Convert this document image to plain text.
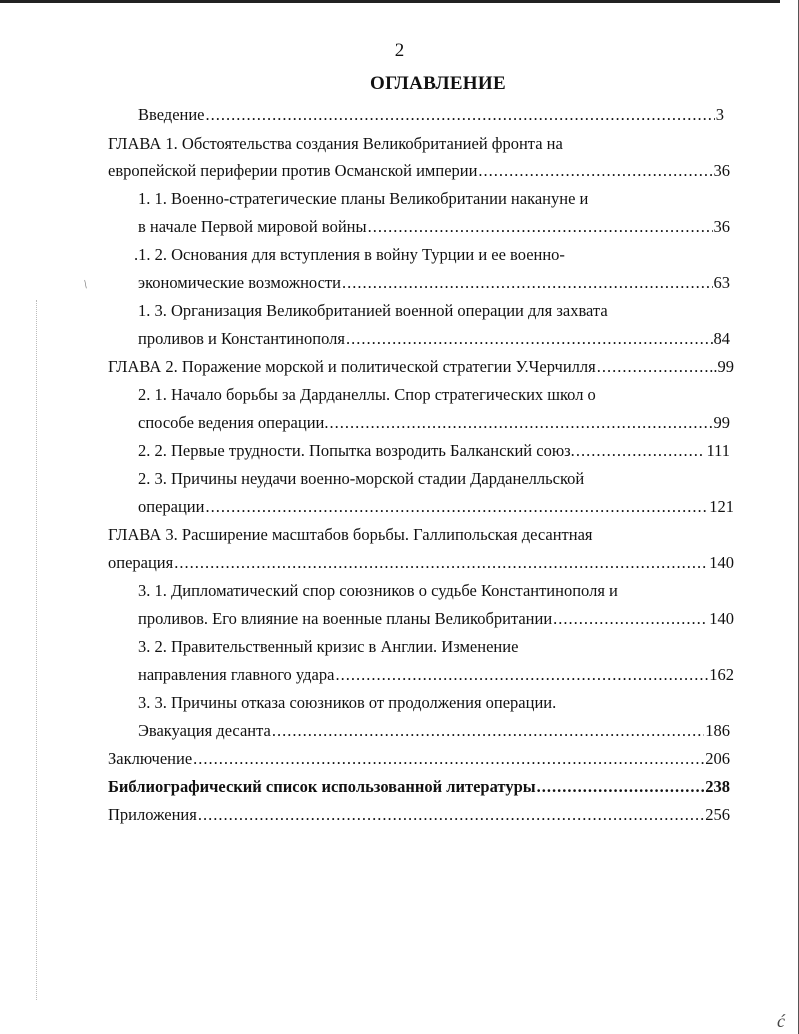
/
ć
2
ОГЛАВЛЕНИЕ
Введение .....	3
ГЛАВА 1. Обстоятельства создания Великобританией фронта на
европейской периферии против Османской империи .....	36
1. 1. Военно-стратегические планы Великобритании накануне и
в начале Первой мировой войны .....	36
.1. 2. Основания для вступления в войну Турции и ее военно-
экономические возможности .....	63
1. 3. Организация Великобританией военной операции для захвата
проливов и Константинополя .....	84
ГЛАВА 2. Поражение морской и политической стратегии У.Черчилля .....	..99
2. 1. Начало борьбы за Дарданеллы. Спор стратегических школ о
способе ведения операции. .....	99
2. 2. Первые трудности. Попытка возродить Балканский союз. .....	111
2. 3. Причины неудачи военно-морской стадии Дарданелльской
операции .....	121
ГЛАВА 3. Расширение масштабов борьбы. Галлипольская десантная
операция .....	140
3. 1. Дипломатический спор союзников о судьбе Константинополя и
проливов. Его влияние на военные планы Великобритании .....	140
3. 2. Правительственный кризис в Англии. Изменение
направления главного удара .....	162
3. 3. Причины отказа союзников от продолжения операции.
Эвакуация десанта .....	186
Заключение .....	206
Библиографический список использованной литературы .....	238
Приложения .....	256
